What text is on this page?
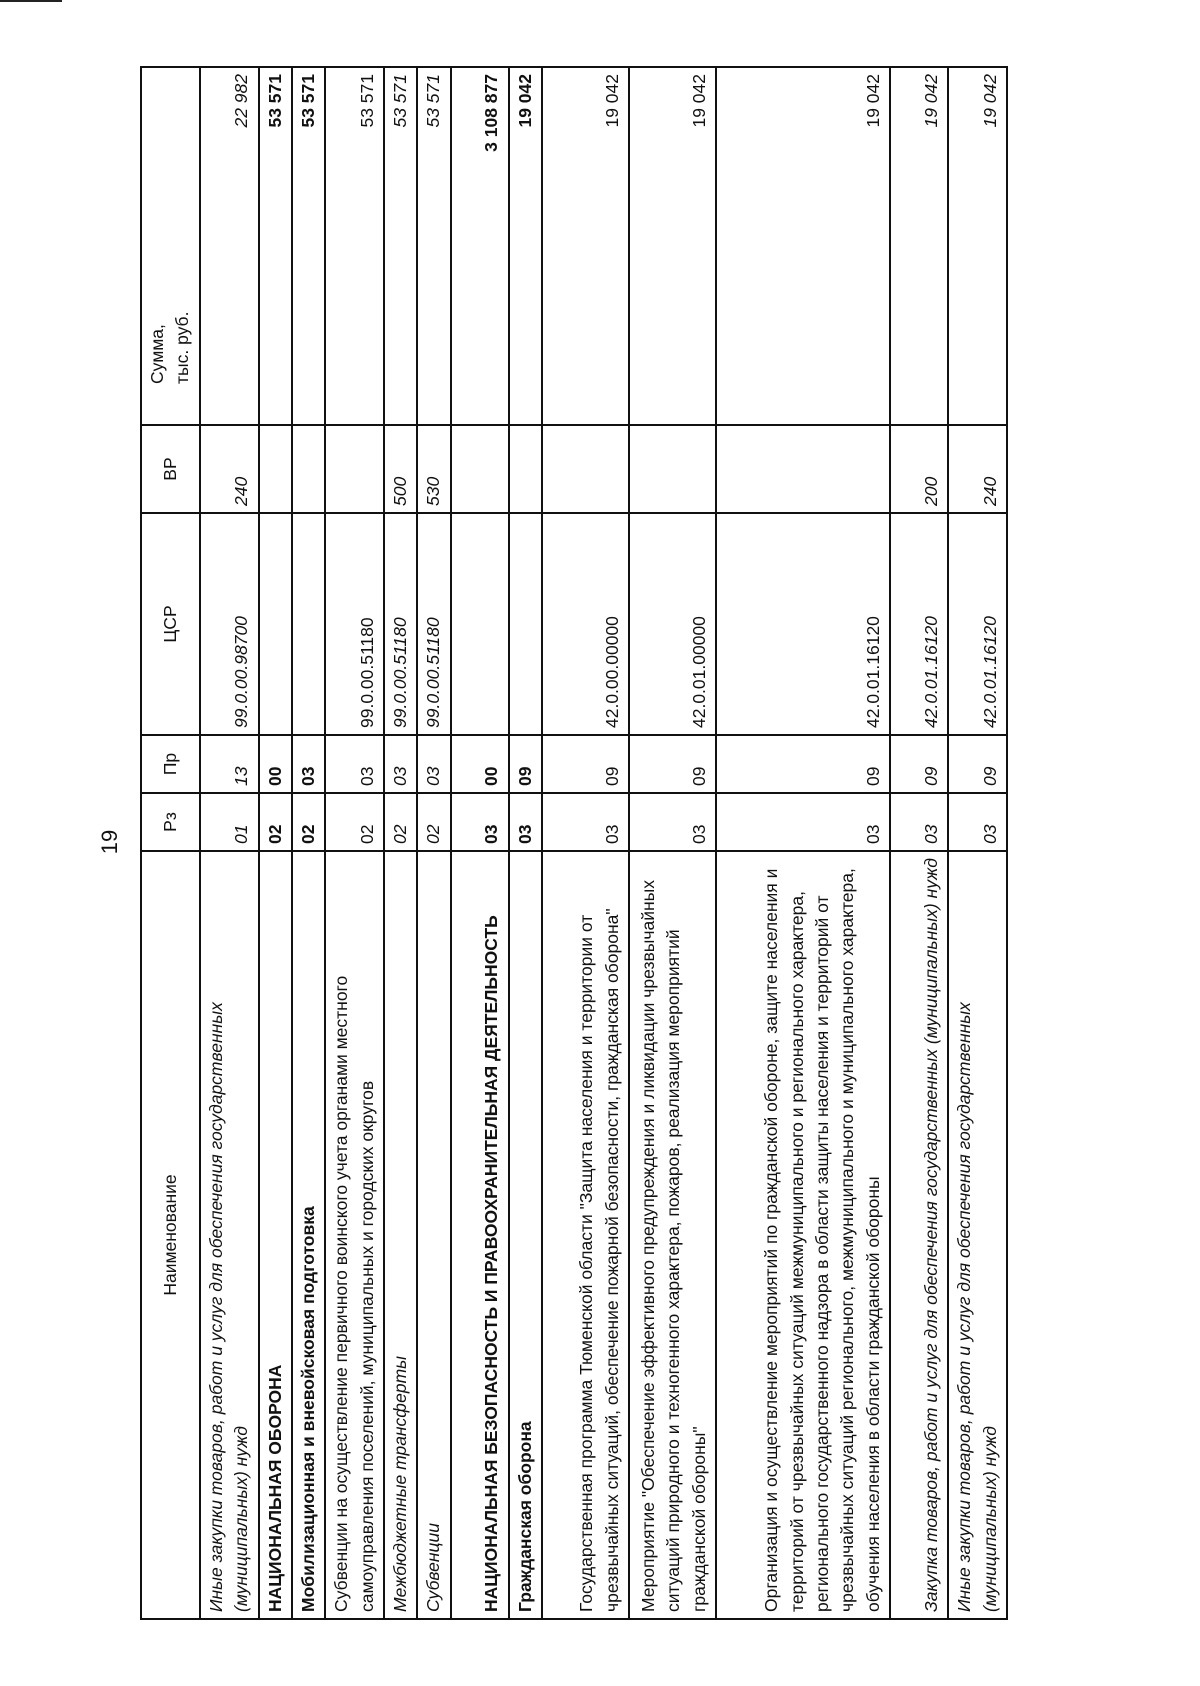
19
Наименование	Рз	Пр	ЦСР	ВР	Сумма,
тыс. руб.
Иные закупки товаров, работ и услуг для обеспечения государственных (муниципальных) нужд	01	13	99.0.00.98700	240	22 982
НАЦИОНАЛЬНАЯ ОБОРОНА	02	00			53 571
Мобилизационная и вневойсковая подготовка	02	03			53 571
Субвенции на осуществление первичного воинского учета органами местного самоуправления поселений, муниципальных и городских округов	02	03	99.0.00.51180		53 571
Межбюджетные трансферты	02	03	99.0.00.51180	500	53 571
Субвенции	02	03	99.0.00.51180	530	53 571
НАЦИОНАЛЬНАЯ БЕЗОПАСНОСТЬ И ПРАВООХРАНИТЕЛЬНАЯ ДЕЯТЕЛЬНОСТЬ	03	00			3 108 877
Гражданская оборона	03	09			19 042
Государственная программа Тюменской области "Защита населения и территории от чрезвычайных ситуаций, обеспечение пожарной безопасности, гражданская оборона"	03	09	42.0.00.00000		19 042
Мероприятие "Обеспечение эффективного предупреждения и ликвидации чрезвычайных ситуаций природного и техногенного характера, пожаров, реализация мероприятий гражданской обороны"	03	09	42.0.01.00000		19 042
Организация и осуществление мероприятий по гражданской обороне, защите населения и территорий от чрезвычайных ситуаций межмуниципального и регионального характера, регионального государственного надзора в области защиты населения и территорий от чрезвычайных ситуаций регионального, межмуниципального и муниципального характера, обучения населения в области гражданской обороны	03	09	42.0.01.16120		19 042
Закупка товаров, работ и услуг для обеспечения государственных (муниципальных) нужд	03	09	42.0.01.16120	200	19 042
Иные закупки товаров, работ и услуг для обеспечения государственных (муниципальных) нужд	03	09	42.0.01.16120	240	19 042
